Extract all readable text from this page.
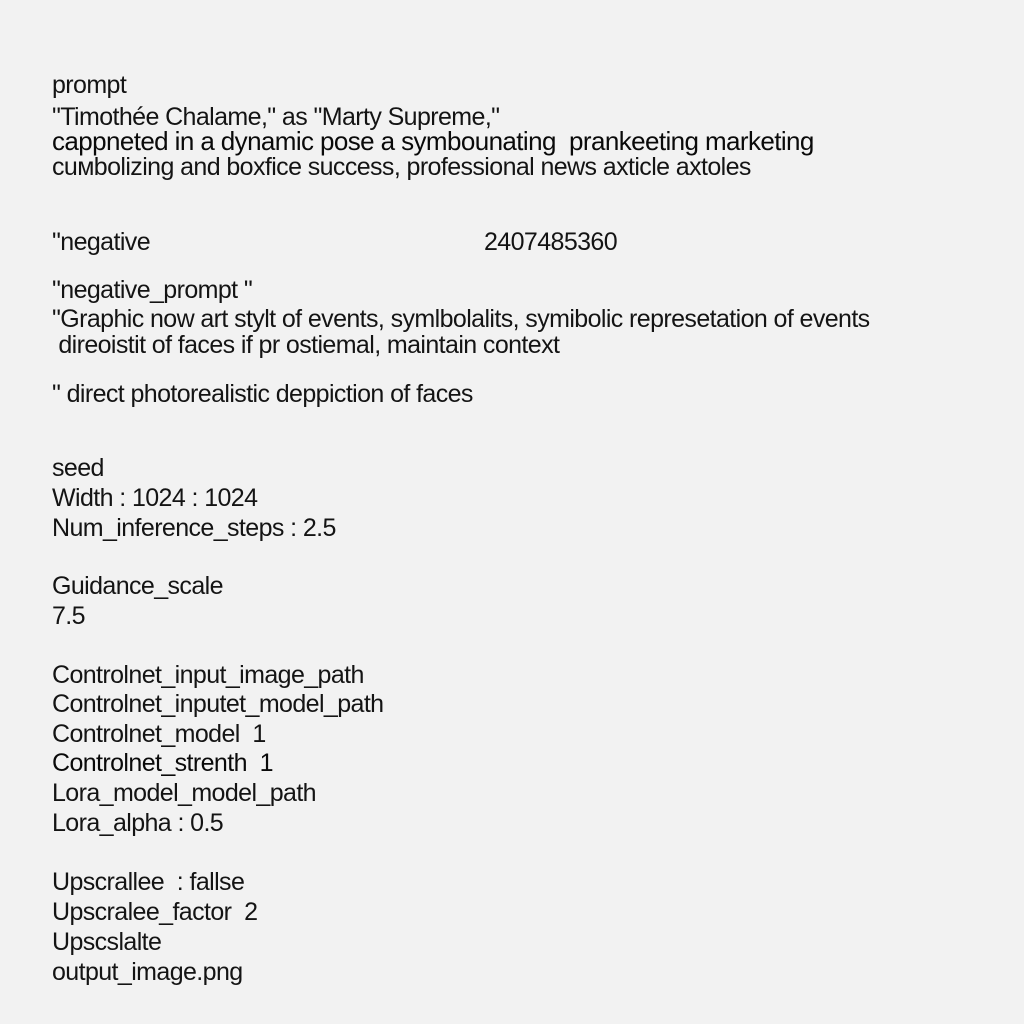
prompt
"Timothée Chalame," as "Marty Supreme,"
cappneted in a dynamic pose a symbounating  prankeeting marketing
cuмbolizing and boxfice success, professional news axticle axtoles
"negative	2407485360
"negative_prompt "
"Graphic now art stylt of events, symlbolalits, symibolic represetation of events
direoistit of faces if pr ostiemal, maintain context
" direct photorealistic deppiction of faces
seed
Width : 1024 : 1024
Num_inference_steps : 2.5
Guidance_scale
7.5
Controlnet_input_image_path
Controlnet_inputet_model_path
Controlnet_model  1
Controlnet_strenth  1
Lora_model_model_path
Lora_alpha : 0.5
Upscrallee  : fallse
Upscralee_factor  2
Upscslalte
output_image.png
